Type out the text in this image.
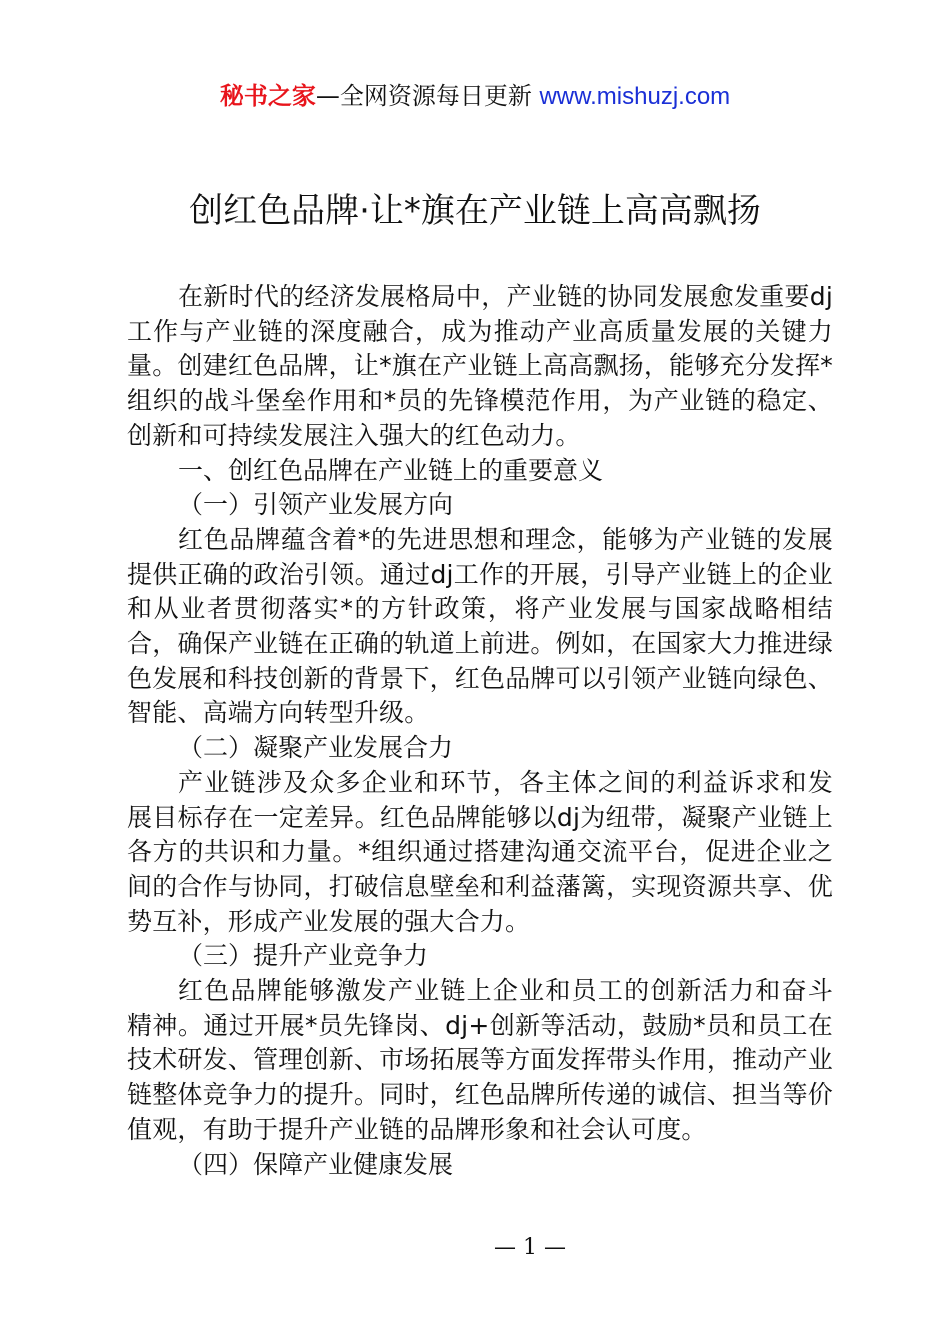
秘书之家—全网资源每日更新 www.mishuzj.com
创红色品牌·让*旗在产业链上高高飘扬

在新时代的经济发展格局中，产业链的协同发展愈发重要dj工作与产业链的深度融合，成为推动产业高质量发展的关键力量。创建红色品牌，让*旗在产业链上高高飘扬，能够充分发挥*组织的战斗堡垒作用和*员的先锋模范作用，为产业链的稳定、创新和可持续发展注入强大的红色动力。

一、创红色品牌在产业链上的重要意义

（一）引领产业发展方向

红色品牌蕴含着*的先进思想和理念，能够为产业链的发展提供正确的政治引领。通过dj工作的开展，引导产业链上的企业和从业者贯彻落实*的方针政策，将产业发展与国家战略相结合，确保产业链在正确的轨道上前进。例如，在国家大力推进绿色发展和科技创新的背景下，红色品牌可以引领产业链向绿色、智能、高端方向转型升级。

（二）凝聚产业发展合力

产业链涉及众多企业和环节，各主体之间的利益诉求和发展目标存在一定差异。红色品牌能够以dj为纽带，凝聚产业链上各方的共识和力量。*组织通过搭建沟通交流平台，促进企业之间的合作与协同，打破信息壁垒和利益藩篱，实现资源共享、优势互补，形成产业发展的强大合力。

（三）提升产业竞争力

红色品牌能够激发产业链上企业和员工的创新活力和奋斗精神。通过开展*员先锋岗、dj+创新等活动，鼓励*员和员工在技术研发、管理创新、市场拓展等方面发挥带头作用，推动产业链整体竞争力的提升。同时，红色品牌所传递的诚信、担当等价值观，有助于提升产业链的品牌形象和社会认可度。

（四）保障产业健康发展

— 1 —
